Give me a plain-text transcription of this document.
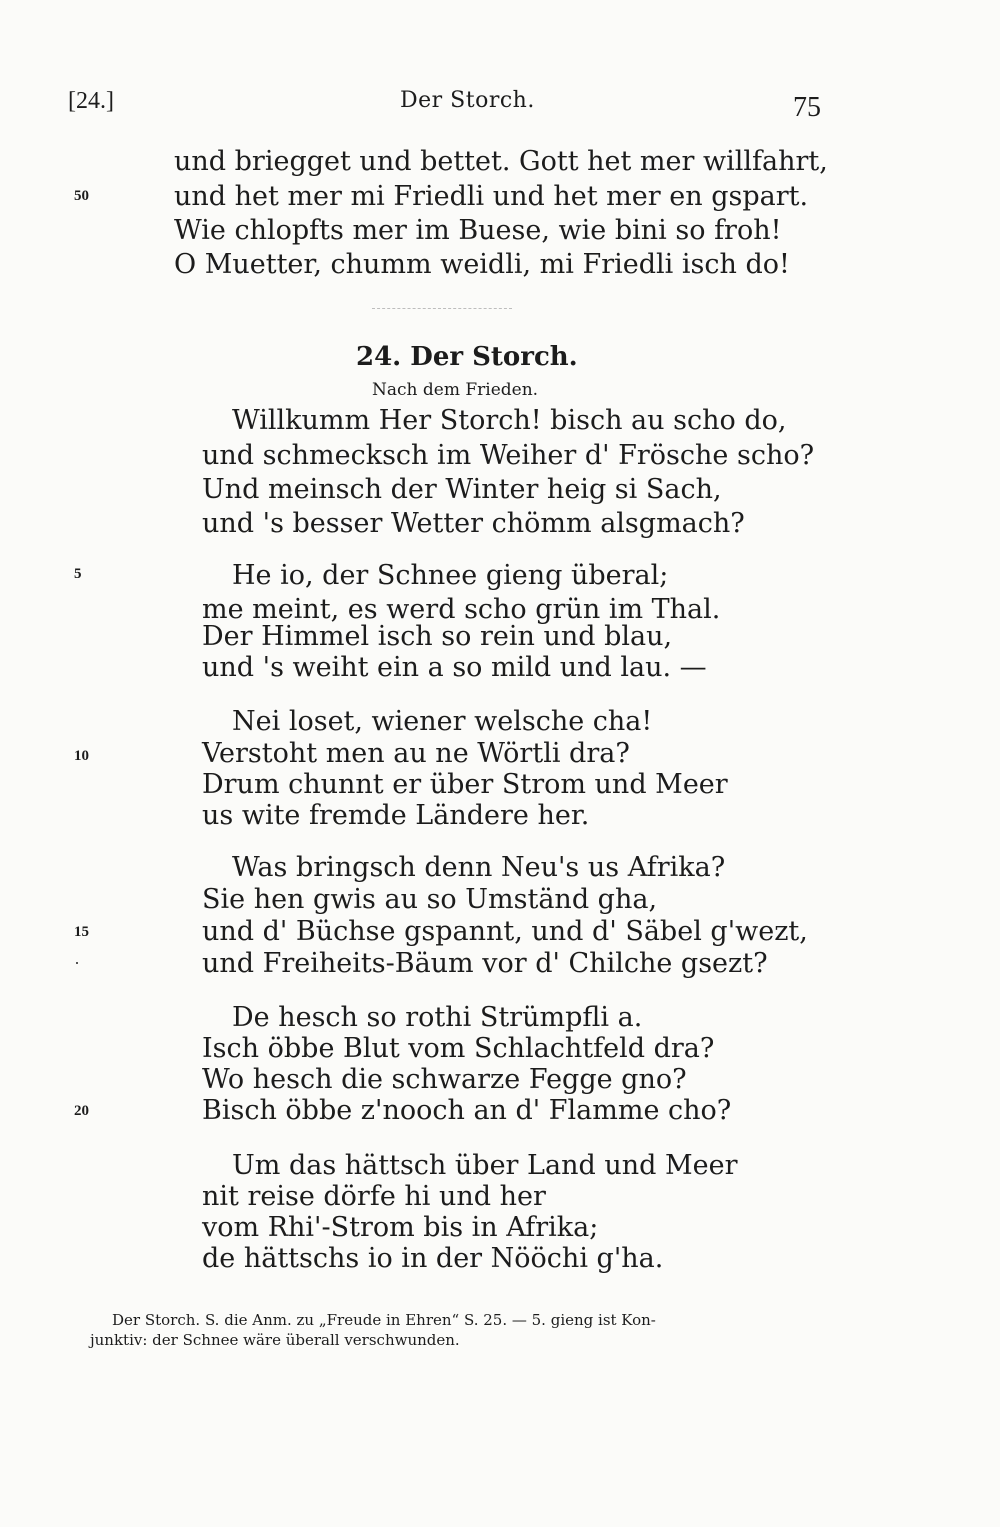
[24.]	Der Storch.	75
und briegget und bettet. Gott het mer willfahrt,
50	und het mer mi Friedli und het mer en gspart.
Wie chlopfts mer im Buese, wie bini so froh!
O Muetter, chumm weidli, mi Friedli isch do!
24. Der Storch.
Nach dem Frieden.
Willkumm Her Storch! bisch au scho do,
und schmecksch im Weiher d' Frösche scho?
Und meinsch der Winter heig si Sach,
und 's besser Wetter chömm alsgmach?
5	He io, der Schnee gieng überal;
me meint, es werd scho grün im Thal.
Der Himmel isch so rein und blau,
und 's weiht ein a so mild und lau. —
Nei loset, wiener welsche cha!
10	Verstoht men au ne Wörtli dra?
Drum chunnt er über Strom und Meer
us wite fremde Ländere her.
Was bringsch denn Neu's us Afrika?
Sie hen gwis au so Umständ gha,
15	und d' Büchse gspannt, und d' Säbel g'wezt,
und Freiheits-Bäum vor d' Chilche gsezt?
De hesch so rothi Strümpfli a.
Isch öbbe Blut vom Schlachtfeld dra?
Wo hesch die schwarze Fegge gno?
20	Bisch öbbe z'nooch an d' Flamme cho?
Um das hättsch über Land und Meer
nit reise dörfe hi und her
vom Rhi'-Strom bis in Afrika;
de hättschs io in der Nööchi g'ha.
Der Storch. S. die Anm. zu „Freude in Ehren“ S. 25. — 5. gieng ist Kon-
junktiv: der Schnee wäre überall verschwunden.
